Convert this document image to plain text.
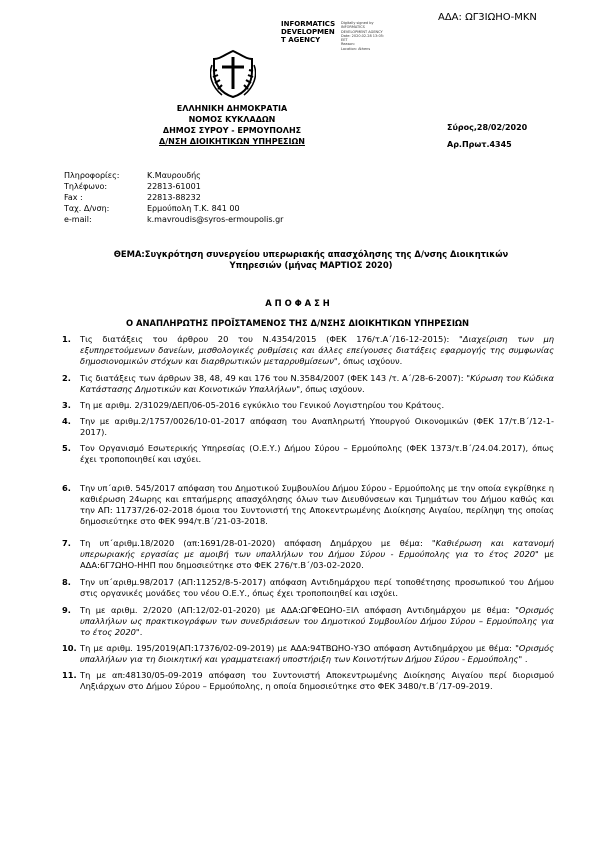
ΑΔΑ: ΩΓ3ΙΩΗΟ-ΜΚΝ
INFORMATICS
DEVELOPMEN
T AGENCY
Digitally signed by
INFORMATICS
DEVELOPMENT AGENCY
Date: 2020.02.28 13:05:
EET
Reason:
Location: Athens
ΕΛΛΗΝΙΚΗ ΔΗΜΟΚΡΑΤΙΑ
ΝΟΜΟΣ ΚΥΚΛΑΔΩΝ
ΔΗΜΟΣ ΣΥΡΟΥ - ΕΡΜΟΥΠΟΛΗΣ
Δ/ΝΣΗ ΔΙΟΙΚΗΤΙΚΩΝ ΥΠΗΡΕΣΙΩΝ
Σύρος,28/02/2020
Αρ.Πρωτ.4345
Πληροφορίες:	Κ.Μαυρουδής
Τηλέφωνο:	22813-61001
Fax :	22813-88232
Ταχ. Δ/νση:	Ερμούπολη Τ.Κ. 841 00
e-mail:	k.mavroudis@syros-ermoupolis.gr
ΘΕΜΑ:Συγκρότηση συνεργείου υπερωριακής απασχόλησης της Δ/νσης Διοικητικών
Υπηρεσιών (μήνας ΜΑΡΤΙΟΣ 2020)
Α Π Ο Φ Α Σ Η
Ο ΑΝΑΠΛΗΡΩΤΗΣ ΠΡΟΪΣΤΑΜΕΝΟΣ ΤΗΣ Δ/ΝΣΗΣ ΔΙΟΙΚΗΤΙΚΩΝ ΥΠΗΡΕΣΙΩΝ
1.	Τις διατάξεις του άρθρου 20 του Ν.4354/2015 (ΦΕΚ 176/τ.Α΄/16-12-2015): "Διαχείριση των μη εξυπηρετούμενων δανείων, μισθολογικές ρυθμίσεις και άλλες επείγουσες διατάξεις εφαρμογής της συμφωνίας δημοσιονομικών στόχων και διαρθρωτικών μεταρρυθμίσεων", όπως ισχύουν.
2.	Τις διατάξεις των άρθρων 38, 48, 49 και 176 του Ν.3584/2007 (ΦΕΚ 143 /τ. Α΄/28-6-2007): "Κύρωση του Κώδικα Κατάστασης Δημοτικών και Κοινοτικών Υπαλλήλων", όπως ισχύουν.
3.	Τη με αριθμ. 2/31029/ΔΕΠ/06-05-2016 εγκύκλιο του Γενικού Λογιστηρίου του Κράτους.
4.	Την με αριθμ.2/1757/0026/10-01-2017 απόφαση του Αναπληρωτή Υπουργού Οικονομικών (ΦΕΚ 17/τ.Β΄/12-1-2017).
5.	Τον Οργανισμό Εσωτερικής Υπηρεσίας (Ο.Ε.Υ.) Δήμου Σύρου – Ερμούπολης (ΦΕΚ 1373/τ.Β΄/24.04.2017), όπως έχει τροποποιηθεί και ισχύει.
6.	Την υπ΄αριθ. 545/2017 απόφαση του Δημοτικού Συμβουλίου Δήμου Σύρου - Ερμούπολης με την οποία εγκρίθηκε η καθιέρωση 24ωρης και επταήμερης απασχόλησης όλων των Διευθύνσεων και Τμημάτων του Δήμου καθώς και την ΑΠ: 11737/26-02-2018 όμοια του Συντονιστή της Αποκεντρωμένης Διοίκησης Αιγαίου, περίληψη της οποίας δημοσιεύτηκε στο ΦΕΚ 994/τ.Β΄/21-03-2018.
7.	Τη υπ΄αριθμ.18/2020 (απ:1691/28-01-2020) απόφαση Δημάρχου με θέμα: "Καθιέρωση και κατανομή υπερωριακής εργασίας με αμοιβή των υπαλλήλων του Δήμου Σύρου - Ερμούπολης για το έτος 2020" με ΑΔΑ:6Γ7ΩΗΟ-ΗΗΠ που δημοσιεύτηκε στο ΦΕΚ 276/τ.Β΄/03-02-2020.
8.	Την υπ΄αριθμ.98/2017 (ΑΠ:11252/8-5-2017) απόφαση Αντιδημάρχου περί τοποθέτησης προσωπικού του Δήμου στις οργανικές μονάδες του νέου Ο.Ε.Υ., όπως έχει τροποποιηθεί και ισχύει.
9.	Τη με αριθμ. 2/2020 (ΑΠ:12/02-01-2020) με ΑΔΑ:ΩΓΦΕΩΗΟ-ΞΙΛ απόφαση Αντιδημάρχου με θέμα: "Ορισμός υπαλλήλων ως πρακτικογράφων των συνεδριάσεων του Δημοτικού Συμβουλίου Δήμου Σύρου – Ερμούπολης για το έτος 2020".
10. Τη με αριθμ. 195/2019(ΑΠ:17376/02-09-2019) με ΑΔΑ:94ΤΒΩΗΟ-Υ3Ο απόφαση Αντιδημάρχου με θέμα: "Ορισμός υπαλλήλων για τη διοικητική και γραμματειακή υποστήριξη των Κοινοτήτων Δήμου Σύρου - Ερμούπολης" .
11. Τη με απ:48130/05-09-2019 απόφαση του Συντονιστή Αποκεντρωμένης Διοίκησης Αιγαίου περί διορισμού Ληξιάρχων στο Δήμου Σύρου – Ερμούπολης, η οποία δημοσιεύτηκε στο ΦΕΚ 3480/τ.Β΄/17-09-2019.
